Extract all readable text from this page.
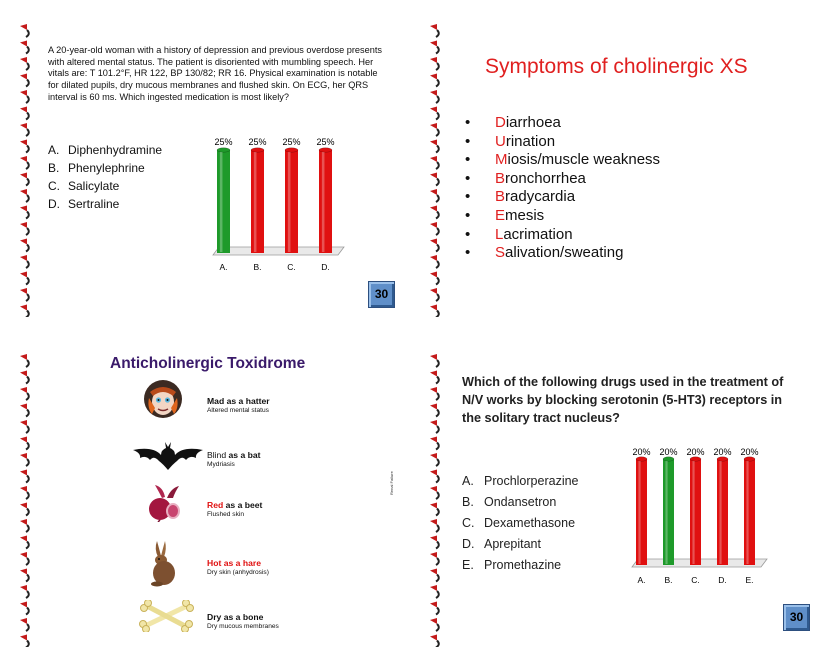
A 20-year-old woman with a history of depression and previous overdose presents with altered mental status. The patient is disoriented with mumbling speech. Her vitals are: T 101.2°F, HR 122, BP 130/82; RR 16. Physical examination is notable for dilated pupils, dry mucous membranes and flushed skin. On ECG, her QRS interval is 60 ms. Which ingested medication is most likely?
A. Diphenhydramine
B. Phenylephrine
C. Salicylate
D. Sertraline
25%
A.
25%
B.
25%
C.
25%
D.
30
Symptoms of cholinergic XS
• Diarrhoea
• Urination
• Miosis/muscle weakness
• Bronchorrhea
• Bradycardia
• Emesis
• Lacrimation
• Salivation/sweating
Anticholinergic Toxidrome
Mad as a hatter
Altered mental status
Blind as a bat
Mydriasis
Red as a beet
Flushed skin
Hot as a hare
Dry skin (anhydrosis)
Dry as a bone
Dry mucous membranes
Renal Failure
Which of the following drugs used in the treatment of N/V works by blocking serotonin (5-HT3) receptors in the solitary tract nucleus?
A. Prochlorperazine
B. Ondansetron
C. Dexamethasone
D. Aprepitant
E. Promethazine
20%
A.
20%
B.
20%
C.
20%
D.
20%
E.
30
